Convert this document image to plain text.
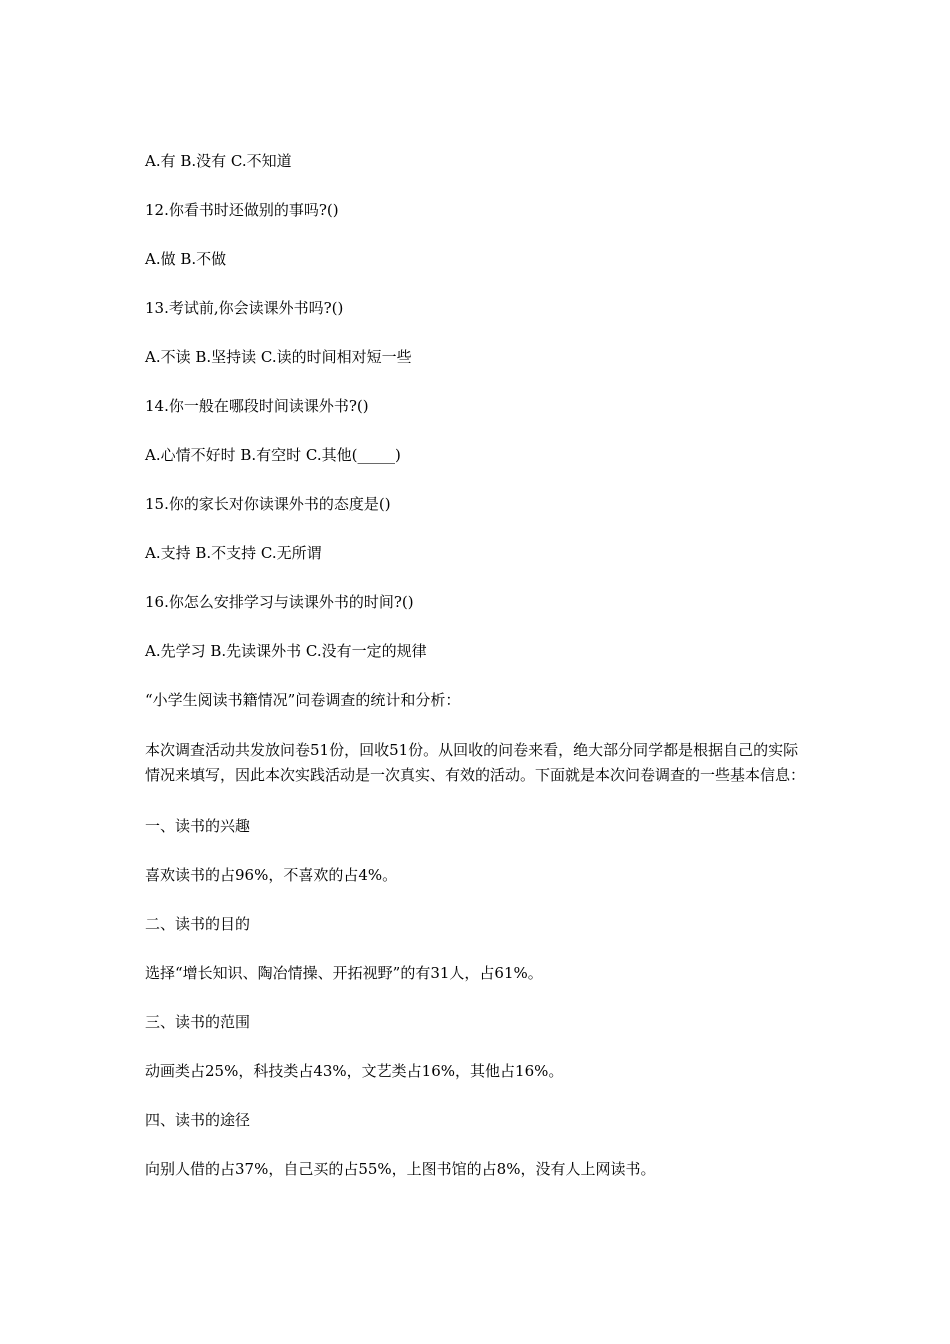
A.有 B.没有 C.不知道

12.你看书时还做别的事吗?()

A.做 B.不做

13.考试前,你会读课外书吗?()

A.不读 B.坚持读 C.读的时间相对短一些

14.你一般在哪段时间读课外书?()

A.心情不好时 B.有空时 C.其他(_____)

15.你的家长对你读课外书的态度是()

A.支持 B.不支持 C.无所谓

16.你怎么安排学习与读课外书的时间?()

A.先学习 B.先读课外书 C.没有一定的规律

“小学生阅读书籍情况”问卷调查的统计和分析：

本次调查活动共发放问卷51份，回收51份。从回收的问卷来看，绝大部分同学都是根据自己的实际情况来填写，因此本次实践活动是一次真实、有效的活动。下面就是本次问卷调查的一些基本信息：

一、读书的兴趣

喜欢读书的占96%，不喜欢的占4%。

二、读书的目的

选择“增长知识、陶冶情操、开拓视野”的有31人，占61%。

三、读书的范围

动画类占25%，科技类占43%，文艺类占16%，其他占16%。

四、读书的途径

向别人借的占37%，自己买的占55%，上图书馆的占8%，没有人上网读书。
